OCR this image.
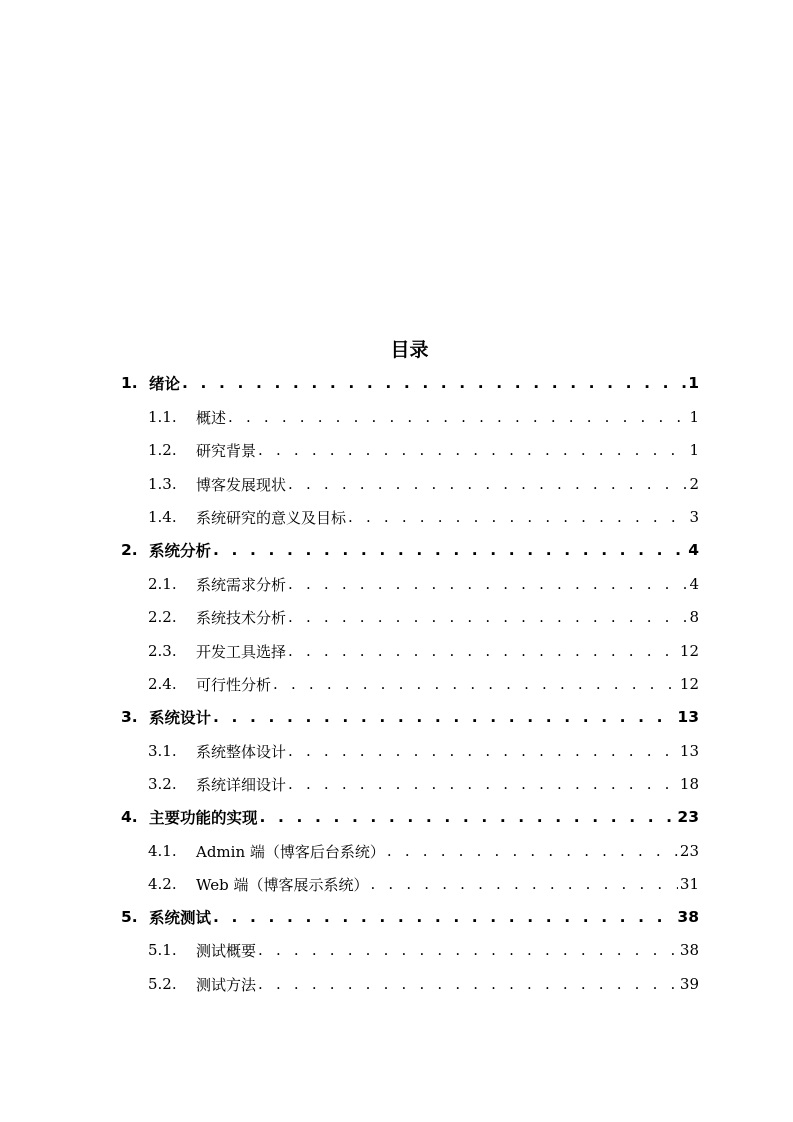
目录
1. 绪论 . . .	1
1.1.	概述 . . .	1
1.2.	研究背景 . . .	1
1.3.	博客发展现状 . . .	2
1.4.	系统研究的意义及目标 . . .	3
2. 系统分析 . . .	4
2.1.	系统需求分析 . . .	4
2.2.	系统技术分析 . . .	8
2.3.	开发工具选择 . . .	12
2.4.	可行性分析 . . .	12
3. 系统设计 . . .	13
3.1.	系统整体设计 . . .	13
3.2.	系统详细设计 . . .	18
4. 主要功能的实现 . . .	23
4.1.	Admin 端（博客后台系统） . . .	23
4.2.	Web 端（博客展示系统） . . .	31
5. 系统测试 . . .	38
5.1.	测试概要 . . .	38
5.2.	测试方法 . . .	39
